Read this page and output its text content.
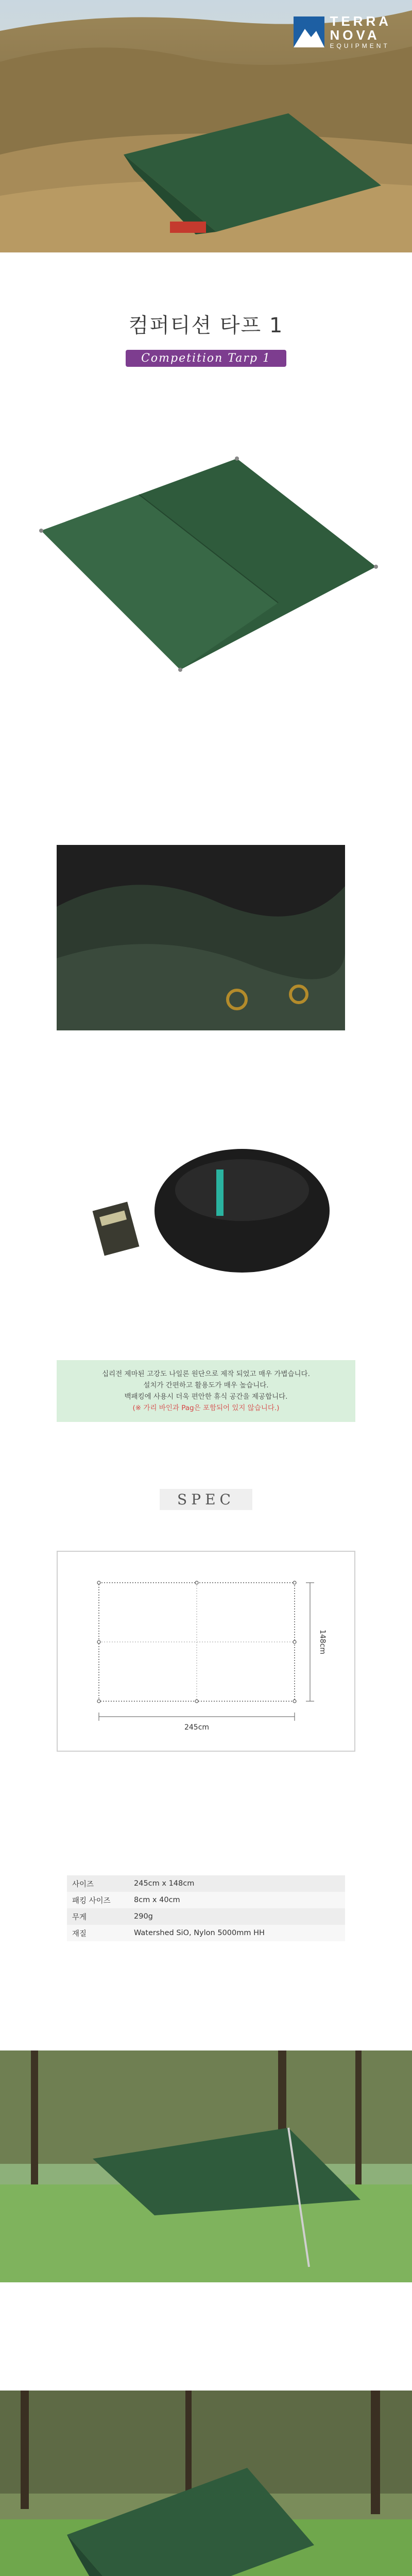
TERRA
NOVA
EQUIPMENT
컴퍼티션 타프 1
Competition Tarp 1

십리전 제마된 고강도 나일론 원단으로 제작 되었고 매우 가볍습니다.

설치가 간편하고 활용도가 매우 높습니다.

백패킹에 사용시 더욱 편안한 휴식 공간을 제공합니다.

(※ 가리 바인과 Pag은 포함되어 있지 않습니다.)

SPEC
245cm
148cm
사이즈	245cm x 148cm
패킹 사이즈	8cm x 40cm
무게	290g
재질	Watershed SiO, Nylon 5000mm HH
